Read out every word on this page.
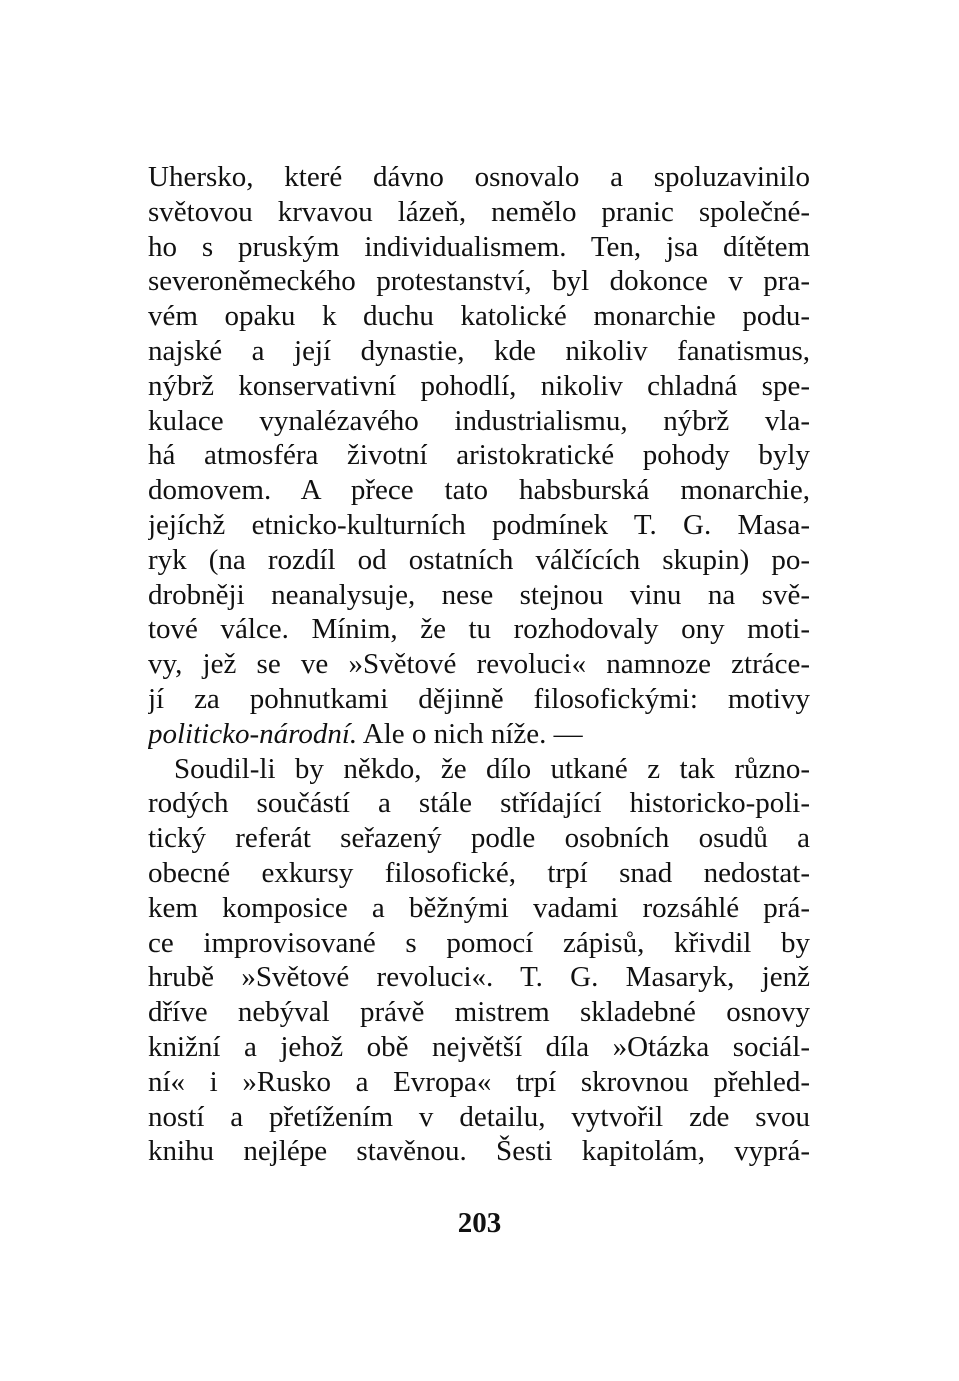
Uhersko, které dávno osnovalo a spoluzavinilo
světovou krvavou lázeň, nemělo pranic společné-
ho s pruským individualismem. Ten, jsa dítětem
severoněmeckého protestanství, byl dokonce v pra-
vém opaku k duchu katolické monarchie podu-
najské a její dynastie, kde nikoliv fanatismus,
nýbrž konservativní pohodlí, nikoliv chladná spe-
kulace vynalézavého industrialismu, nýbrž vla-
há atmosféra životní aristokratické pohody byly
domovem. A přece tato habsburská monarchie,
jejíchž etnicko-kulturních podmínek T. G. Masa-
ryk (na rozdíl od ostatních válčících skupin) po-
drobněji neanalysuje, nese stejnou vinu na svě-
tové válce. Mínim, že tu rozhodovaly ony moti-
vy, jež se ve »Světové revoluci« namnoze ztráce-
jí za pohnutkami dějinně filosofickými: motivy
politicko-národní. Ale o nich níže. —
Soudil-li by někdo, že dílo utkané z tak různo-
rodých součástí a stále střídající historicko-poli-
tický referát seřazený podle osobních osudů a
obecné exkursy filosofické, trpí snad nedostat-
kem komposice a běžnými vadami rozsáhlé prá-
ce improvisované s pomocí zápisů, křivdil by
hrubě »Světové revoluci«. T. G. Masaryk, jenž
dříve nebýval právě mistrem skladebné osnovy
knižní a jehož obě největší díla »Otázka sociál-
ní« i »Rusko a Evropa« trpí skrovnou přehled-
ností a přetížením v detailu, vytvořil zde svou
knihu nejlépe stavěnou. Šesti kapitolám, vyprá-
203
